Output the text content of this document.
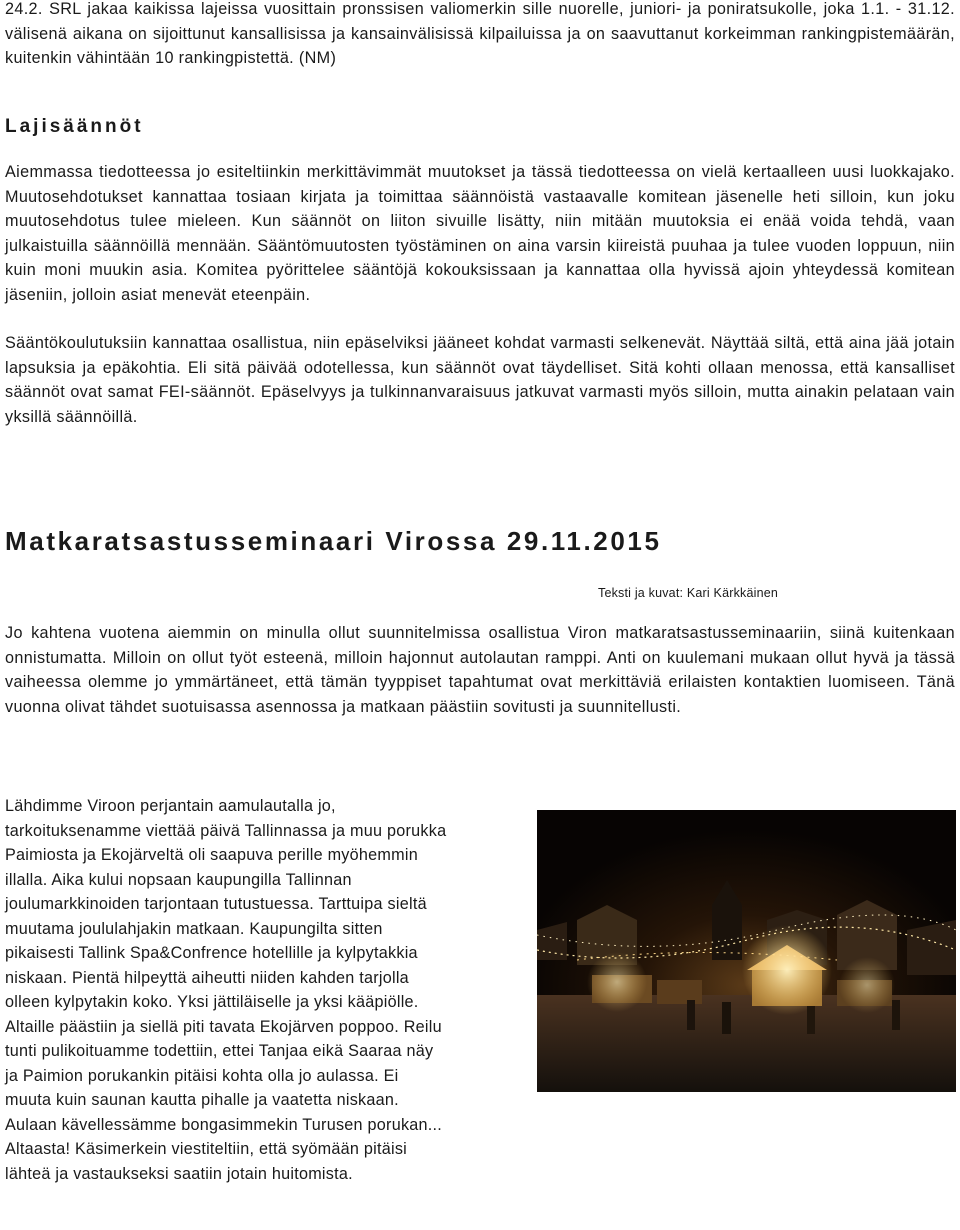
24.2. SRL jakaa kaikissa lajeissa vuosittain pronssisen valiomerkin sille nuorelle, juniori- ja poniratsukolle, joka 1.1. - 31.12. välisenä aikana on sijoittunut kansallisissa ja kansainvälisissä kilpailuissa ja on saavuttanut korkeimman rankingpistemäärän, kuitenkin vähintään 10 rankingpistettä. (NM)

Lajisäännöt

Aiemmassa tiedotteessa jo esiteltiinkin merkittävimmät muutokset ja tässä tiedotteessa on vielä kertaalleen uusi luokkajako. Muutosehdotukset kannattaa tosiaan kirjata ja toimittaa säännöistä vastaavalle komitean jäsenelle heti silloin, kun joku muutosehdotus tulee mieleen. Kun säännöt on liiton sivuille lisätty, niin mitään muutoksia ei enää voida tehdä, vaan julkaistuilla säännöillä mennään. Sääntömuutosten työstäminen on aina varsin kiireistä puuhaa ja tulee vuoden loppuun, niin kuin moni muukin asia. Komitea pyörittelee sääntöjä kokouksissaan ja kannattaa olla hyvissä ajoin yhteydessä komitean jäseniin, jolloin asiat menevät eteenpäin.

Sääntökoulutuksiin kannattaa osallistua, niin epäselviksi jääneet kohdat varmasti selkenevät. Näyttää siltä, että aina jää jotain lapsuksia ja epäkohtia. Eli sitä päivää odotellessa, kun säännöt ovat täydelliset. Sitä kohti ollaan menossa, että kansalliset säännöt ovat samat FEI-säännöt. Epäselvyys ja tulkinnanvaraisuus jatkuvat varmasti myös silloin, mutta ainakin pelataan vain yksillä säännöillä.

Matkaratsastusseminaari Virossa 29.11.2015

Teksti ja kuvat: Kari Kärkkäinen

Jo kahtena vuotena aiemmin on minulla ollut suunnitelmissa osallistua Viron matkaratsastusseminaariin, siinä kuitenkaan onnistumatta. Milloin on ollut työt esteenä, milloin hajonnut autolautan ramppi. Anti on kuulemani mukaan ollut hyvä ja tässä vaiheessa olemme jo ymmärtäneet, että tämän tyyppiset tapahtumat ovat merkittäviä erilaisten kontaktien luomiseen. Tänä vuonna olivat tähdet suotuisassa asennossa ja matkaan päästiin sovitusti ja suunnitellusti.

Lähdimme Viroon perjantain aamulautalla jo, tarkoituksenamme viettää päivä Tallinnassa ja muu porukka Paimiosta ja Ekojärveltä oli saapuva perille myöhemmin illalla. Aika kului nopsaan kaupungilla Tallinnan joulumarkkinoiden tarjontaan tutustuessa. Tarttuipa sieltä muutama joululahjakin matkaan. Kaupungilta sitten pikaisesti Tallink Spa&Confrence hotellille ja kylpytakkia niskaan. Pientä hilpeyttä aiheutti niiden kahden tarjolla olleen kylpytakin koko. Yksi jättiläiselle ja yksi kääpiölle. Altaille päästiin ja siellä piti tavata Ekojärven poppoo. Reilu tunti pulikoituamme todettiin, ettei Tanjaa eikä Saaraa näy ja Paimion porukankin pitäisi kohta olla jo aulassa. Ei muuta kuin saunan kautta pihalle ja vaatetta niskaan. Aulaan kävellessämme bongasimmekin Turusen porukan... Altaasta! Käsimerkein viestiteltiin, että syömään pitäisi lähteä ja vastaukseksi saatiin jotain huitomista.
